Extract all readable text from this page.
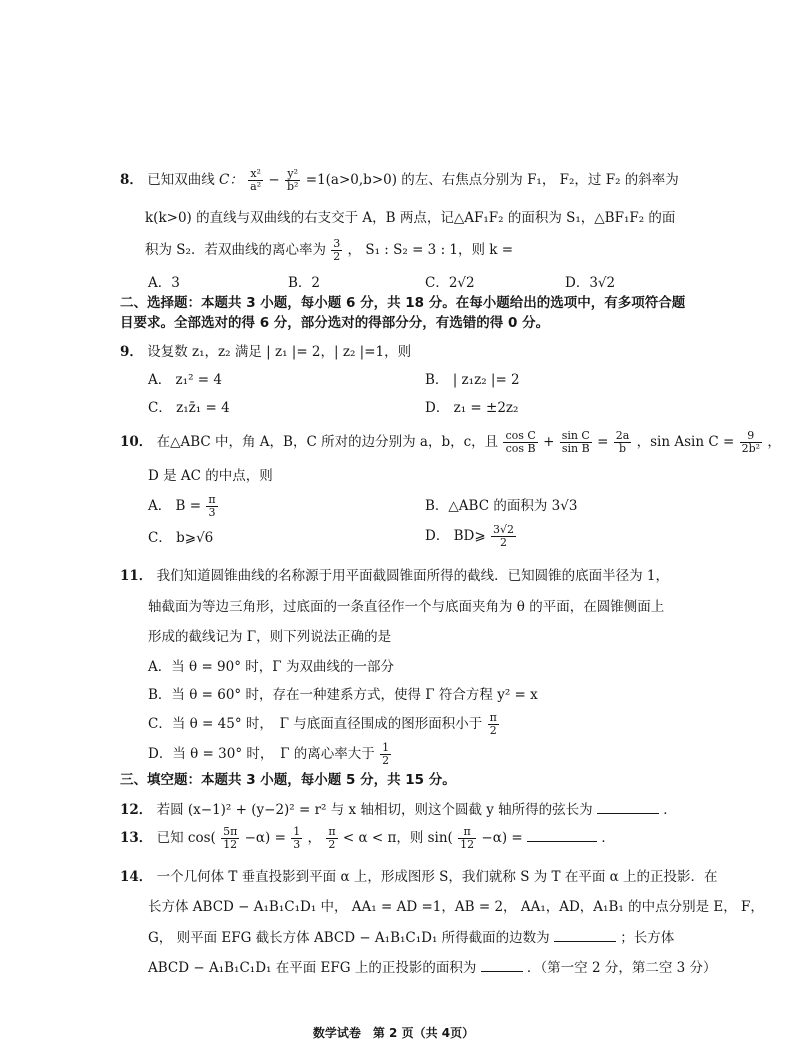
8． 已知双曲线 C： $\frac{\text{x²}}{\text{a²}} - \frac{\text{y²}}{\text{b²}} =1(a>0,b>0)$ 的左、右焦点分别为 F₁， F₂，过 F₂ 的斜率为
k(k>0) 的直线与双曲线的右支交于 A，B 两点，记△AF₁F₂ 的面积为 S₁，△BF₁F₂ 的面
积为 S₂．若双曲线的离心率为 $\frac{3}{2}$ ， S₁ : S₂ = 3 : 1，则 k =
A．3	B．2	C．2√2	D．3√2
二、选择题：本题共 3 小题，每小题 6 分，共 18 分。在每小题给出的选项中，有多项符合题
目要求。全部选对的得 6 分，部分选对的得部分分，有选错的得 0 分。
9． 设复数 z₁，z₂ 满足 | z₁ |= 2，| z₂ |=1，则
A． z₁² = 4	B． | z₁z₂ |= 2
C． z₁z̄₁ = 4	D． z₁ = ±2z₂
10． 在△ABC 中，角 A，B，C 所对的边分别为 a，b，c，且 $\frac{\text{cos C}}{\text{cos B}} + \frac{\text{sin C}}{\text{sin B}} = \frac{2a}{b}$ ，sin Asin $C = \frac{9}{\text{2b²}}$ ，
D 是 AC 的中点，则
A． $B = \frac{\pi}{3}$	B．△ABC 的面积为 3√3
C． b⩾√6	D． BD⩾ $\frac{3√2}{2}$
11． 我们知道圆锥曲线的名称源于用平面截圆锥面所得的截线．已知圆锥的底面半径为 1，
轴截面为等边三角形，过底面的一条直径作一个与底面夹角为 θ 的平面，在圆锥侧面上
形成的截线记为 Γ，则下列说法正确的是
A．当 θ = 90° 时，Γ 为双曲线的一部分
B．当 θ = 60° 时，存在一种建系方式，使得 Γ 符合方程 y² = x
C．当 θ = 45° 时，　Γ 与底面直径围成的图形面积小于 $\frac{\pi}{2}$
D．当 θ = 30° 时，　Γ 的离心率大于 $\frac{1}{2}$
三、填空题：本题共 3 小题，每小题 5 分，共 15 分。
12． 若圆 (x−1)² + (y−2)² = r² 与 x 轴相切，则这个圆截 y 轴所得的弦长为	．
13． 已知 $\cos( \frac{5\pi}{12} -\alpha) = \frac{1}{3}$ ， $\frac{\pi}{2} < \alpha < \pi$，则 $\sin( \frac{\pi}{12} -\alpha)$ =	．
14． 一个几何体 T 垂直投影到平面 α 上，形成图形 S，我们就称 S 为 T 在平面 α 上的正投影．在
长方体 ABCD − A₁B₁C₁D₁ 中， AA₁ = AD =1，AB = 2， AA₁，AD，A₁B₁ 的中点分别是 E， F，
G， 则平面 EFG 截长方体 ABCD − A₁B₁C₁D₁ 所得截面的边数为	；长方体
ABCD − A₁B₁C₁D₁ 在平面 EFG 上的正投影的面积为	．（第一空 2 分，第二空 3 分）
数学试卷　第 2 页（共 4页）
